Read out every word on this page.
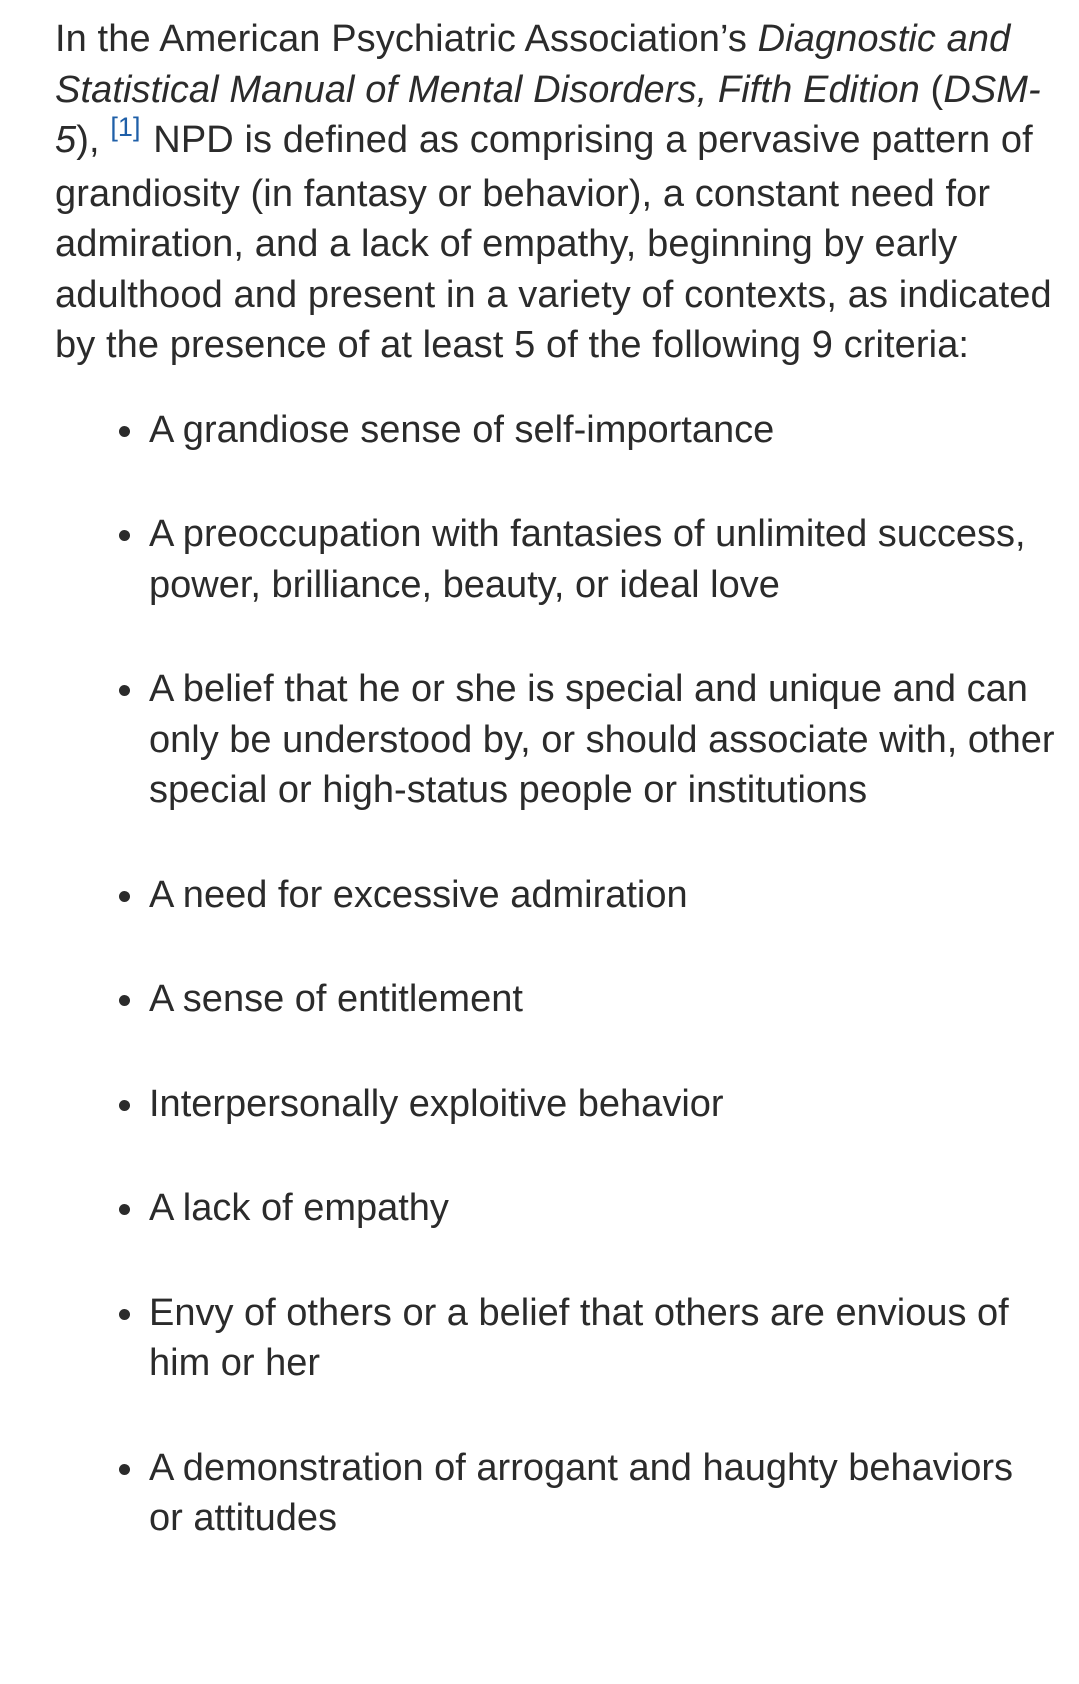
In the American Psychiatric Association’s Diagnostic and Statistical Manual of Mental Disorders, Fifth Edition (DSM-5), [1] NPD is defined as comprising a pervasive pattern of grandiosity (in fantasy or behavior), a constant need for admiration, and a lack of empathy, beginning by early adulthood and present in a variety of contexts, as indicated by the presence of at least 5 of the following 9 criteria:

A grandiose sense of self-importance
A preoccupation with fantasies of unlimited success, power, brilliance, beauty, or ideal love
A belief that he or she is special and unique and can only be understood by, or should associate with, other special or high-status people or institutions
A need for excessive admiration
A sense of entitlement
Interpersonally exploitive behavior
A lack of empathy
Envy of others or a belief that others are envious of him or her
A demonstration of arrogant and haughty behaviors or attitudes
